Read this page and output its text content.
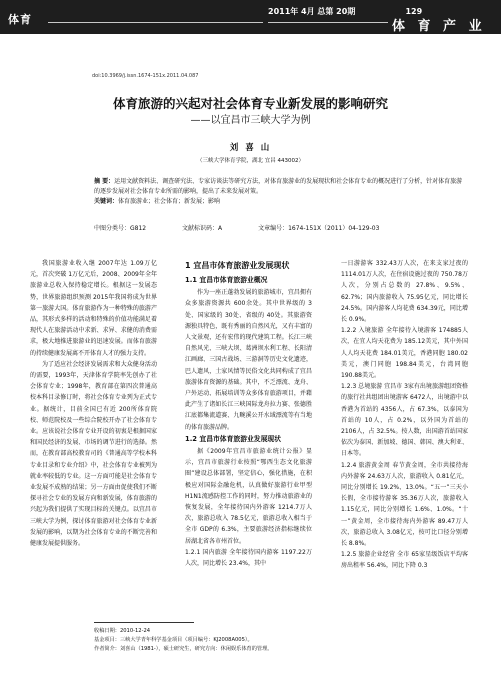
体育
2011年 4月 总第 20期	129
体 育 产 业
doi:10.3969/j.issn.1674-151x.2011.04.087
体育旅游的兴起对社会体育专业新发展的影响研究
——以宜昌市三峡大学为例
刘 喜 山
（三峡大学体育学院，湖北 宜昌 443002）
摘 要：运用文献资料法、调查研究法、专家访谈法等研究方法，对体育旅游业的发展现状和社会体育专业的概况进行了分析，针对体育旅游的逐步发展对社会体育专业所需的影响，提出了未来发展对策。
关键词：体育旅游业；社会体育；新发展；影响
中图分类号：G812	文献标识码：A	文章编号：1674-151X（2011）04-129-03

我国旅游业收入继 2007年达 1.09万亿元，首次突破 1万亿元后，2008、2009年全年旅游业总收入保持稳定增长。根据这一发展态势，世界旅游组织预测 2015年我国将成为世界第一旅游大国。体育旅游作为一种特殊的旅游产品，其形式多样的活动和特殊的价值功能满足着现代人在旅游活动中求新、求异、求健的消费需求，极大地推进旅游业的迅速发展。而体育旅游的持续健康发展离不开体育人才的强力支持。

为了适应社会经济发展需求和大众健身活动的需要，1993年，天津体育学院率先创办了社会体育专业；1998年，教育部在第四次普通高校本科目录修订时，将社会体育专业列为正式专业。据统计，目前全国已有近 200所体育院校、师范院校及一些综合院校开办了社会体育专业。应该说社会体育专业开设的初衷是根据国家和国民经济的发展、市场的调节进行的选择。然而，在教育部高校教育司的《普通高等学校本科专业目录和专业介绍》中，社会体育专业被列为就业率较低的专业。这一方面可能是社会体育专业发展不成熟的结果；另一方面由促使我们不断探寻社会专业的发展方向和新发展，体育旅游的兴起为我们提供了实现目标的关键点。以宜昌市三峡大学为例，探讨体育旅游对社会体育专业新发展的影响，以期为社会体育专业的不断完善和健康发展提供服务。

1 宜昌市体育旅游业发展现状

1.1 宜昌市体育旅游业概况

作为一座正蓬勃发展的旅游城市，宜昌拥有众多旅游资源共 600余处。其中世界级的 3处、国家级的 30处、省级的 40处。其旅游资源独具特色，既有秀丽的自然风光，又有丰富的人文景观，还有宏伟的现代建筑工程。长江三峡自然风光、三峡大坝、葛洲坝水利工程、长阳清江画廊、三国古战场、三游洞等历史文化遗迹，巴人遗风，土家风情等民俗文化共同构成了宜昌旅游体育资源的基础。其中，不乏漂流、龙舟、户外运动、拓展培训等众多体育旅游项目，并藉此产生了诸如长江三峡国际龙舟拉力赛、张德胜江底都集流道赛、九畹溪公开水域漂流等有当地的体育旅游品牌。

1.2 宜昌市体育旅游业发展现状

据《2009年宜昌市旅游业统计公报》显示，宜昌市旅游行业按照“鄂西生态文化旅游圈”建设总体部署，坚定信心，强化措施，在积极应对国际金融危机，认真做好旅游行业甲型 H1N1流感防控工作的同时，努力推动旅游业的恢复发展，全年接待国内外游客 1214.7万人次，旅游总收入 78.5亿元，旅游总收入相当于全市 GDP的 6.3%，主要旅游经济指标继续位居湖北省各市州首位。

1.2.1 国内旅游 全年接待国内游客 1197.22万人次，同比增长 23.4%，其中

一日游游客 332.43万人次，在来支家过夜的 1114.01万人次，在住宿设施过夜的 750.78万人次，分别占总数的 27.8%、9.5%、62.7%；国内旅游收入 75.95亿元，同比增长 24.5%。国内游客人均花费 634.39元，同比增长 0.9%。

1.2.2 入境旅游 全年接待入境游客 174885人次，在宜人均天花费为 185.12美元，其中外国人人均天花费 184.01美元，香港同胞 180.02美元，澳门同胞 198.84美元，台湾同胞 190.88美元。

1.2.3 总境旅游 宜昌市 3家有出境旅游组团资格的旅行社共组团出境游客 6472人，出境游中以香港为首站的 4356人，占 67.3%，以泰国为首站的 10人，占 0.2%，以外国为首站的 2106人，占 32.5%。按人数，出国游首站国家依次为泰国、新加坡、德国、韩国、澳大利亚、日本等。

1.2.4 旅游黄金周 春节黄金周，全市共接待海内外游客 24.63万人次，旅游收入 0.81亿元，同比分别增长 19.2%、13.0%。“五一”三天小长假，全市接待游客 35.36万人次，旅游收入 1.15亿元，同比分别增长 1.6%、1.0%。“十一”黄金周，全市接待海内外游客 89.47万人次，旅游总收入 3.08亿元，按可比口径分别增长 8.8%。

1.2.5 旅游企业经营 全市 65家星级饭店平均客房出租率 56.4%，同比下降 0.3

收稿日期：2010-12-24
基金项目：三峡大学青年科学基金项目（项目编号：KJ2008A005）。
作者简介：刘喜山（1981-），硕士研究生，研究方向：休闲娱乐体育的管理。
